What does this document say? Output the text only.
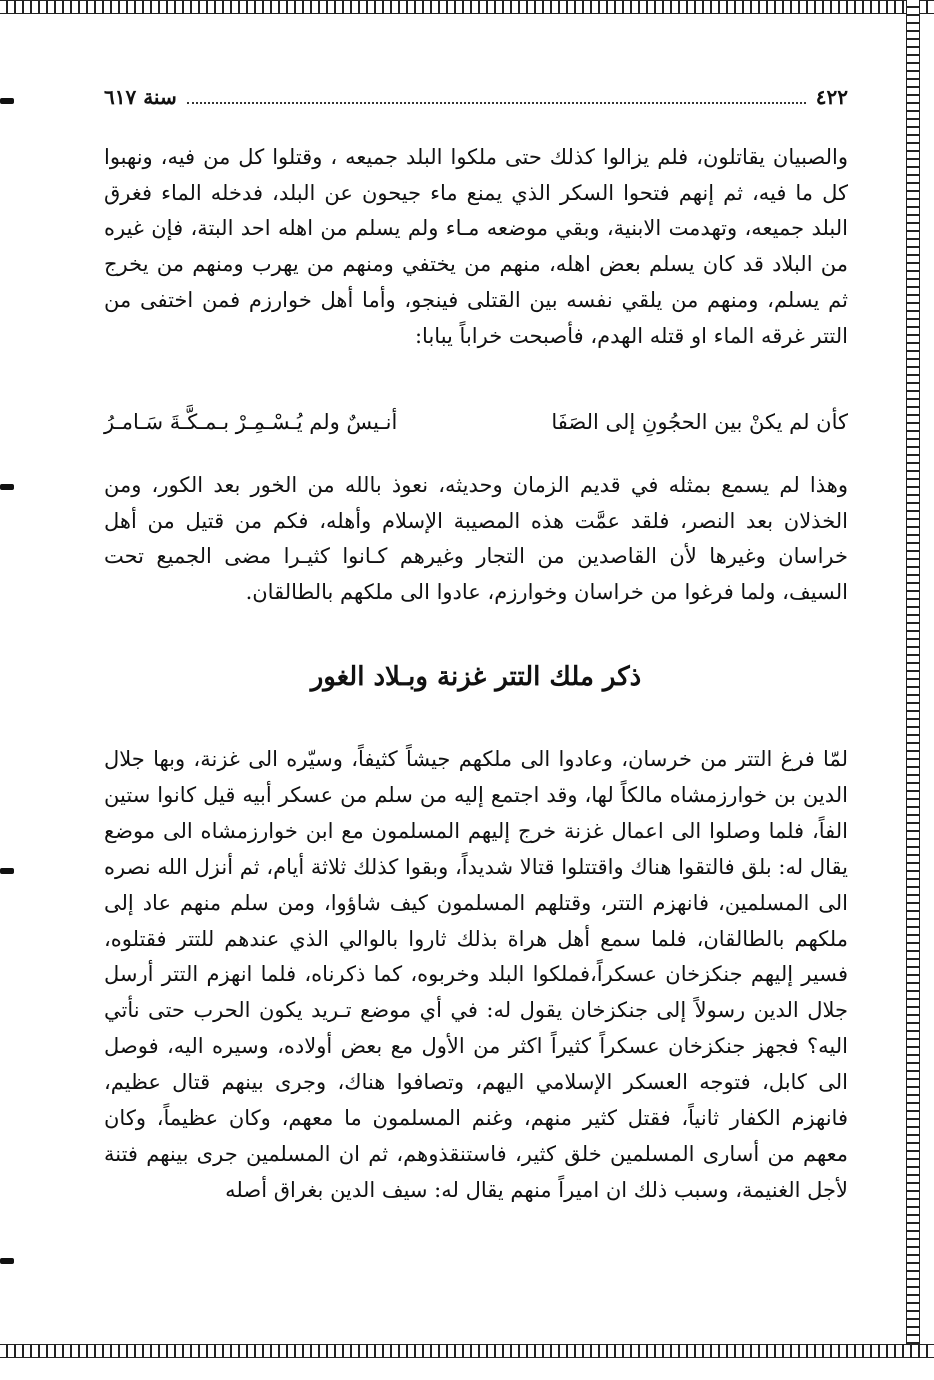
٤٢٢
سنة ٦١٧

والصبيان يقاتلون، فلم يزالوا كذلك حتى ملكوا البلد جميعه ، وقتلوا كل من فيه، ونهبوا كل ما فيه، ثم إنهم فتحوا السكر الذي يمنع ماء جيحون عن البلد، فدخله الماء فغرق البلد جميعه، وتهدمت الابنية، وبقي موضعه مـاء ولم يسلم من اهله احد البتة، فإن غيره من البلاد قد كان يسلم بعض اهله، منهم من يختفي ومنهم من يهرب ومنهم من يخرج ثم يسلم، ومنهم من يلقي نفسه بين القتلى فينجو، وأما أهل خوارزم فمن اختفى من التتر غرقه الماء او قتله الهدم، فأصبحت خراباً يبابا:

كأن لم يكنْ بين الحجُونِ إلى الصَفَا
أنـيسٌ ولم يُـسْـمِـرْ بـمـكَّـةَ سَـامـرُ

وهذا لم يسمع بمثله في قديم الزمان وحديثه، نعوذ بالله من الخور بعد الكور، ومن الخذلان بعد النصر، فلقد عمَّت هذه المصيبة الإسلام وأهله، فكم من قتيل من أهل خراسان وغيرها لأن القاصدين من التجار وغيرهم كـانوا كثيـرا مضى الجميع تحت السيف، ولما فرغوا من خراسان وخوارزم، عادوا الى ملكهم بالطالقان.

ذكر ملك التتر غزنة وبـلاد الغور

لمّا فرغ التتر من خرسان، وعادوا الى ملكهم جيشاً كثيفاً، وسيّره الى غزنة، وبها جلال الدين بن خوارزمشاه مالكاً لها، وقد اجتمع إليه من سلم من عسكر أبيه قيل كانوا ستين الفاً، فلما وصلوا الى اعمال غزنة خرج إليهم المسلمون مع ابن خوارزمشاه الى موضع يقال له: بلق فالتقوا هناك واقتتلوا قتالا شديداً، وبقوا كذلك ثلاثة أيام، ثم أنزل الله نصره الى المسلمين، فانهزم التتر، وقتلهم المسلمون كيف شاؤوا، ومن سلم منهم عاد إلى ملكهم بالطالقان، فلما سمع أهل هراة بذلك ثاروا بالوالي الذي عندهم للتتر فقتلوه، فسير إليهم جنكزخان عسكراً،فملكوا البلد وخربوه، كما ذكرناه، فلما انهزم التتر أرسل جلال الدين رسولاً إلى جنكزخان يقول له: في أي موضع تـريد يكون الحرب حتى نأتي اليه؟ فجهز جنكزخان عسكراً كثيراً اكثر من الأول مع بعض أولاده، وسيره اليه، فوصل الى كابل، فتوجه العسكر الإسلامي اليهم، وتصافوا هناك، وجرى بينهم قتال عظيم، فانهزم الكفار ثانياً، فقتل كثير منهم، وغنم المسلمون ما معهم، وكان عظيماً، وكان معهم من أسارى المسلمين خلق كثير، فاستنقذوهم، ثم ان المسلمين جرى بينهم فتنة لأجل الغنيمة، وسبب ذلك ان اميراً منهم يقال له: سيف الدين بغراق أصله
